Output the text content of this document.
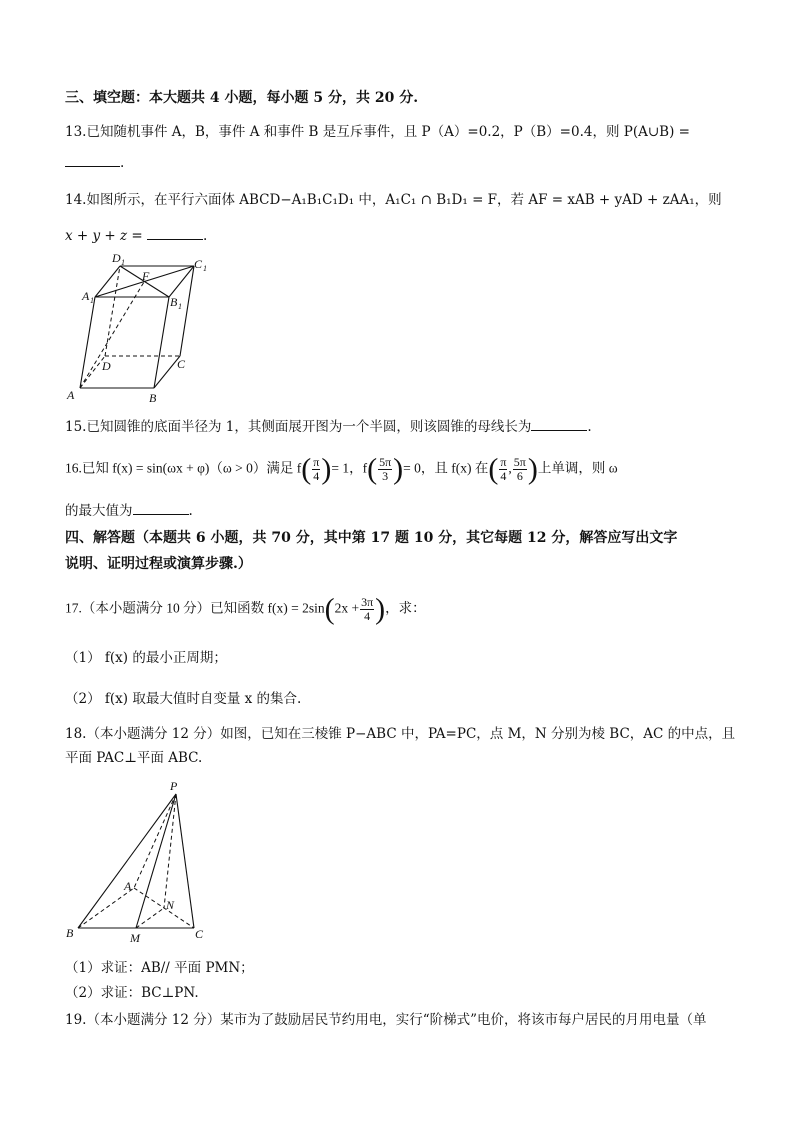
三、填空题：本大题共 4 小题，每小题 5 分，共 20 分.
13.已知随机事件 A，B，事件 A 和事件 B 是互斥事件，且 P（A）=0.2，P（B）=0.4，则 P(A∪B) =
.
14.如图所示，在平行六面体 ABCD−A₁B₁C₁D₁ 中，A₁C₁ ∩ B₁D₁ = F，若 AF = xAB + yAD + zAA₁，则
x + y + z =	.
D 1	C 1
F
A 1	B 1
D	C
A	B
15.已知圆锥的底面半径为 1，其侧面展开图为一个半圆，则该圆锥的母线长为	.
16.已知 f(x) = sin(ωx + φ)（ω > 0）满足 $f( \frac{\pi}{4}$ )= 1，$f( \frac{5\pi}{3}$ )= 0，且 f(x) 在( $\frac{\pi}{4}$ , $\frac{5\pi}{6}$ )上单调，则 ω
的最大值为	.
四、解答题（本题共 6 小题，共 70 分，其中第 17 题 10 分，其它每题 12 分，解答应写出文字
说明、证明过程或演算步骤.）
17.（本小题满分 10 分）已知函数 $f(x) = 2\sin(2x + \frac{3\pi}{4}$ )，求：
（1） f(x) 的最小正周期；
（2） f(x) 取最大值时自变量 x 的集合.
18.（本小题满分 12 分）如图，已知在三棱锥 P−ABC 中，PA=PC，点 M，N 分别为棱 BC，AC 的中点，且
平面 PAC⊥平面 ABC.
P
A
N
B	M	C
（1）求证：AB// 平面 PMN；
（2）求证：BC⊥PN.
19.（本小题满分 12 分）某市为了鼓励居民节约用电，实行“阶梯式”电价，将该市每户居民的月用电量（单
